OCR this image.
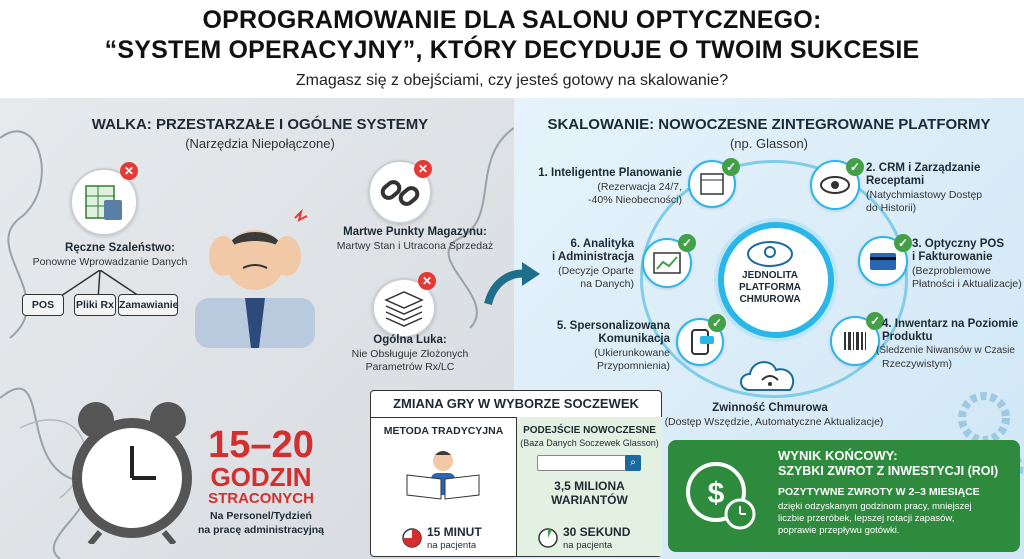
OPROGRAMOWANIE DLA SALONU OPTYCZNEGO:
“SYSTEM OPERACYJNY”, KTÓRY DECYDUJE O TWOIM SUKCESIE
Zmagasz się z obejściami, czy jesteś gotowy na skalowanie?
WALKA: PRZESTARZAŁE I OGÓLNE SYSTEMY
(Narzędzia Niepołączone)
✕
Ręczne Szaleństwo:
Ponowne Wprowadzanie Danych
POS	Pliki Rx Zamawianie
✕
Martwe Punkty Magazynu:
Martwy Stan i Utracona Sprzedaż
✕
Ogólna Luka:
Nie Obsługuje Złożonych
Parametrów Rx/LC
15–20
GODZIN
STRACONYCH
Na Personel/Tydzień
na pracę administracyjną
SKALOWANIE: NOWOCZESNE ZINTEGROWANE PLATFORMY
(np. Glasson)
JEDNOLITA
PLATFORMA
CHMUROWA
✓
1. Inteligentne Planowanie
(Rezerwacja 24/7,
-40% Nieobecności)
✓ 2. CRM i Zarządzanie
Receptami
(Natychmiastowy Dostęp
do Historii)
✓ 3. Optyczny POS
i Fakturowanie
(Bezproblemowe
Płatności i Aktualizacje)
✓ 4. Inwentarz na Poziomie
Produktu
(Śledzenie Niwansów w Czasie
Rzeczywistym)
✓
5. Spersonalizowana
Komunikacja
(Ukierunkowane
Przypomnienia)
✓
6. Analityka
i Administracja
(Decyzje Oparte
na Danych)
Zwinność Chmurowa
(Dostęp Wszędzie, Automatyczne Aktualizacje)
ZMIANA GRY W WYBORZE SOCZEWEK
METODA TRADYCYJNA
15 MINUT
na pacjenta
PODEJŚCIE NOWOCZESNE
(Baza Danych Soczewek Glasson)
⌕
3,5 MILIONA
WARIANTÓW
30 SEKUND
na pacjenta
$
WYNIK KOŃCOWY:
SZYBKI ZWROT Z INWESTYCJI (ROI)
POZYTYWNE ZWROTY W 2–3 MIESIĄCE
dzięki odzyskanym godzinom pracy, mniejszej
liczbie przeróbek, lepszej rotacji zapasów,
poprawie przepływu gotówki.
